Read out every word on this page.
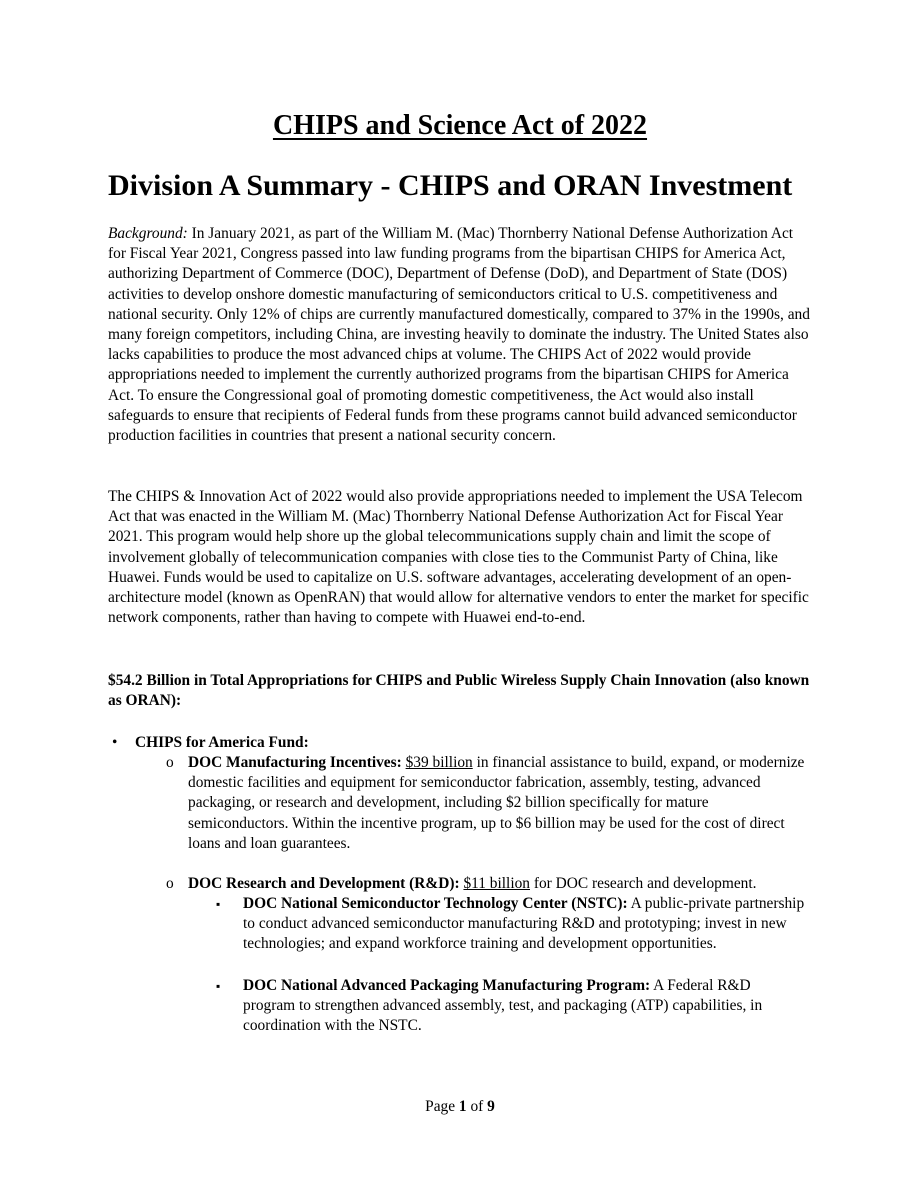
CHIPS and Science Act of 2022
Division A Summary - CHIPS and ORAN Investment

Background: In January 2021, as part of the William M. (Mac) Thornberry National Defense Authorization Act for Fiscal Year 2021, Congress passed into law funding programs from the bipartisan CHIPS for America Act, authorizing Department of Commerce (DOC), Department of Defense (DoD), and Department of State (DOS) activities to develop onshore domestic manufacturing of semiconductors critical to U.S. competitiveness and national security. Only 12% of chips are currently manufactured domestically, compared to 37% in the 1990s, and many foreign competitors, including China, are investing heavily to dominate the industry. The United States also lacks capabilities to produce the most advanced chips at volume. The CHIPS Act of 2022 would provide appropriations needed to implement the currently authorized programs from the bipartisan CHIPS for America Act. To ensure the Congressional goal of promoting domestic competitiveness, the Act would also install safeguards to ensure that recipients of Federal funds from these programs cannot build advanced semiconductor production facilities in countries that present a national security concern.

The CHIPS & Innovation Act of 2022 would also provide appropriations needed to implement the USA Telecom Act that was enacted in the William M. (Mac) Thornberry National Defense Authorization Act for Fiscal Year 2021. This program would help shore up the global telecommunications supply chain and limit the scope of involvement globally of telecommunication companies with close ties to the Communist Party of China, like Huawei. Funds would be used to capitalize on U.S. software advantages, accelerating development of an open-architecture model (known as OpenRAN) that would allow for alternative vendors to enter the market for specific network components, rather than having to compete with Huawei end-to-end.

$54.2 Billion in Total Appropriations for CHIPS and Public Wireless Supply Chain Innovation (also known as ORAN):

• CHIPS for America Fund:
o DOC Manufacturing Incentives: $39 billion in financial assistance to build, expand, or modernize domestic facilities and equipment for semiconductor fabrication, assembly, testing, advanced packaging, or research and development, including $2 billion specifically for mature semiconductors. Within the incentive program, up to $6 billion may be used for the cost of direct loans and loan guarantees.
o DOC Research and Development (R&D): $11 billion for DOC research and development.
▪ DOC National Semiconductor Technology Center (NSTC): A public-private partnership to conduct advanced semiconductor manufacturing R&D and prototyping; invest in new technologies; and expand workforce training and development opportunities.
▪ DOC National Advanced Packaging Manufacturing Program: A Federal R&D program to strengthen advanced assembly, test, and packaging (ATP) capabilities, in coordination with the NSTC.
Page 1 of 9
